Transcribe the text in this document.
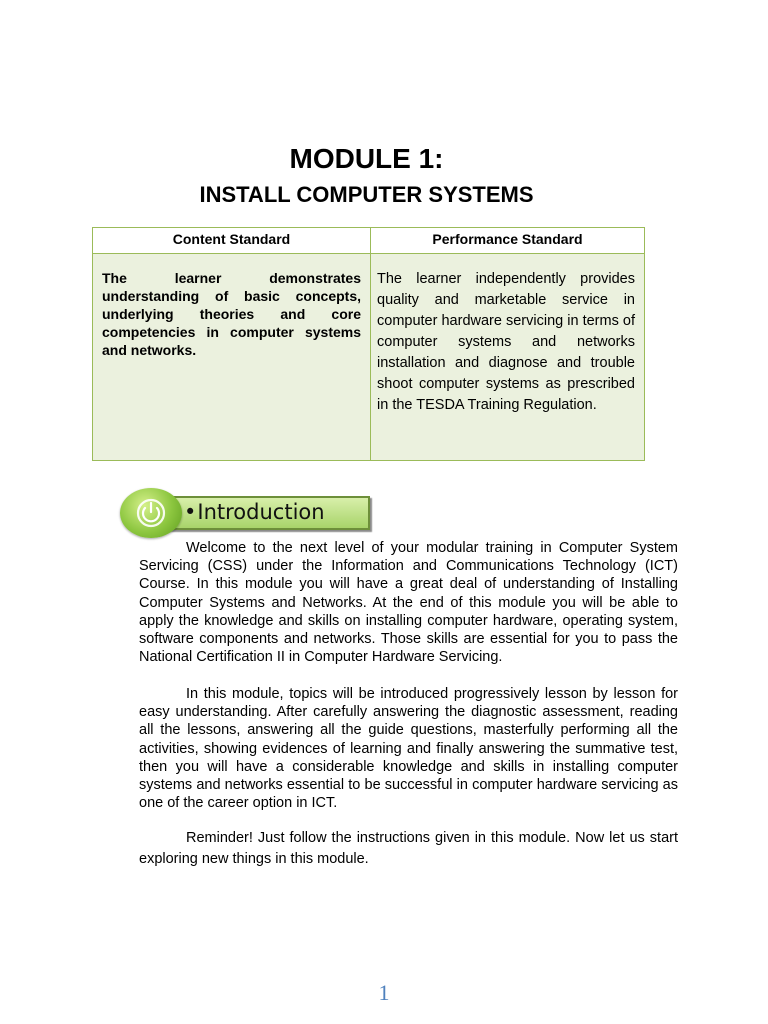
MODULE 1:
INSTALL COMPUTER SYSTEMS
Content Standard	Performance Standard

The learner demonstrates understanding of basic concepts, underlying theories and core competencies in computer systems and networks.	The learner independently provides quality and marketable service in computer hardware servicing in terms of computer systems and networks installation and diagnose and trouble shoot computer systems as prescribed in the TESDA Training Regulation.
• Introduction

Welcome to the next level of your modular training in Computer System Servicing (CSS) under the Information and Communications Technology (ICT) Course. In this module you will have a great deal of understanding of Installing Computer Systems and Networks. At the end of this module you will be able to apply the knowledge and skills on installing computer hardware, operating system, software components and networks. Those skills are essential for you to pass the National Certification II in Computer Hardware Servicing.

In this module, topics will be introduced progressively lesson by lesson for easy understanding. After carefully answering the diagnostic assessment, reading all the lessons, answering all the guide questions, masterfully performing all the activities, showing evidences of learning and finally answering the summative test, then you will have a considerable knowledge and skills in installing computer systems and networks essential to be successful in computer hardware servicing as one of the career option in ICT.

Reminder! Just follow the instructions given in this module. Now let us start exploring new things in this module.

1
